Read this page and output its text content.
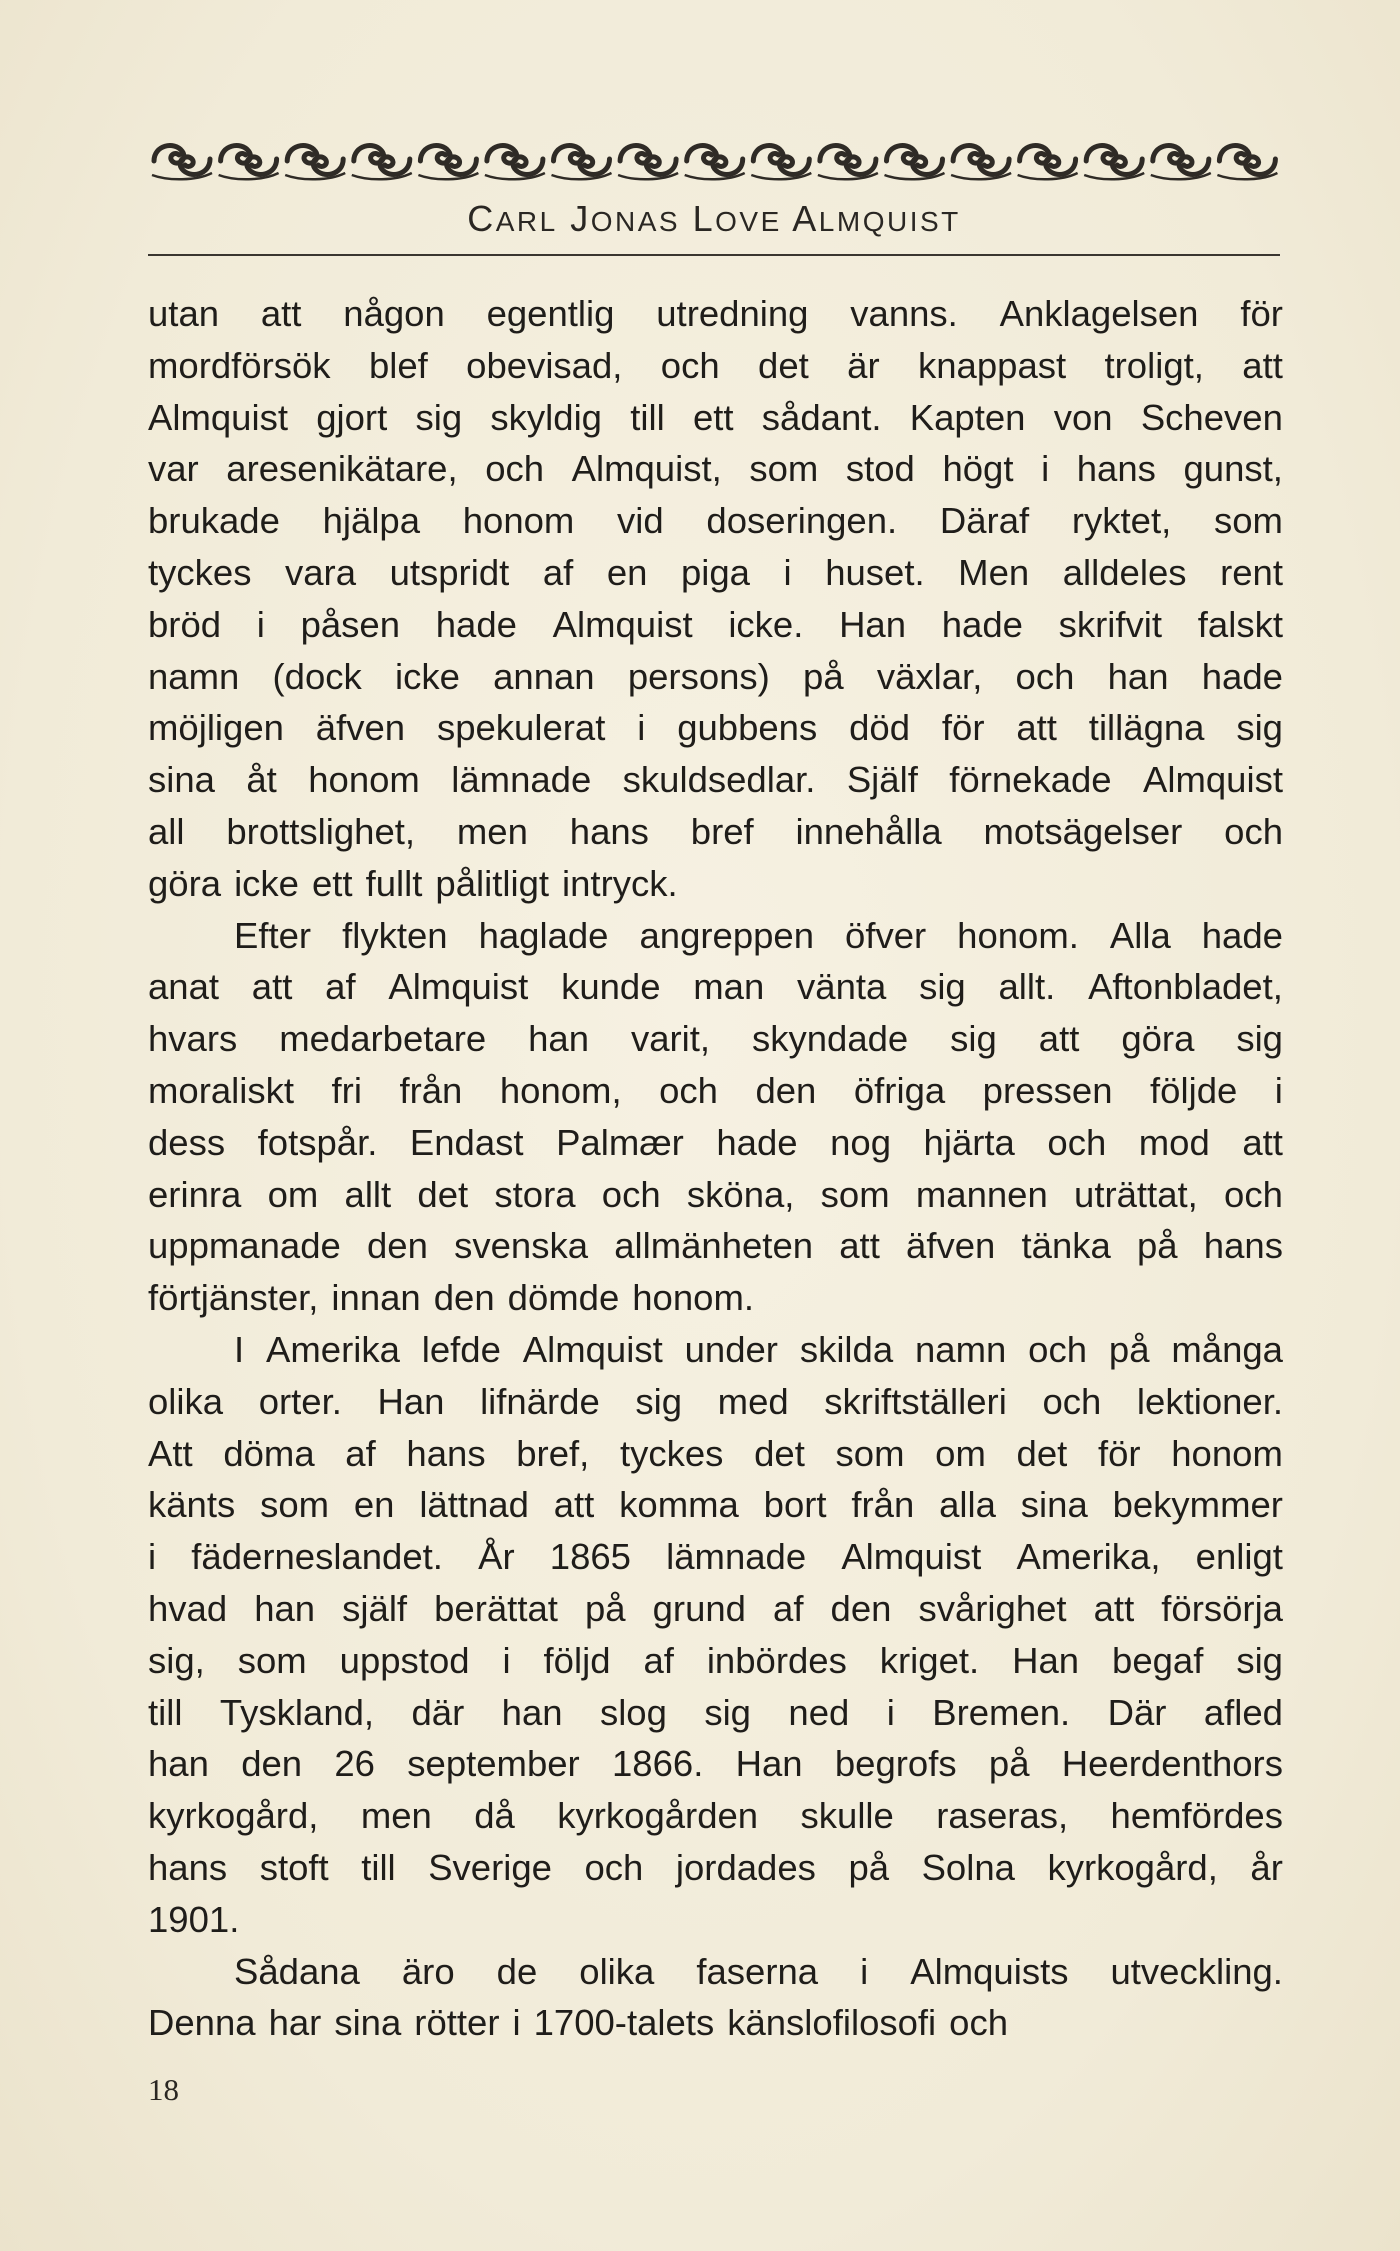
CARL JONAS LOVE ALMQUIST
utan att någon egentlig utredning vanns. Anklagelsen för
mordförsök blef obevisad, och det är knappast troligt, att
Almquist gjort sig skyldig till ett sådant. Kapten von Scheven
var aresenikätare, och Almquist, som stod högt i hans gunst,
brukade hjälpa honom vid doseringen. Däraf ryktet, som
tyckes vara utspridt af en piga i huset. Men alldeles rent
bröd i påsen hade Almquist icke. Han hade skrifvit falskt
namn (dock icke annan persons) på växlar, och han hade
möjligen äfven spekulerat i gubbens död för att tillägna sig
sina åt honom lämnade skuldsedlar. Själf förnekade Almquist
all brottslighet, men hans bref innehålla motsägelser och
göra icke ett fullt pålitligt intryck.
Efter flykten haglade angreppen öfver honom. Alla hade
anat att af Almquist kunde man vänta sig allt. Aftonbladet,
hvars medarbetare han varit, skyndade sig att göra sig
moraliskt fri från honom, och den öfriga pressen följde i
dess fotspår. Endast Palmær hade nog hjärta och mod att
erinra om allt det stora och sköna, som mannen uträttat, och
uppmanade den svenska allmänheten att äfven tänka på hans
förtjänster, innan den dömde honom.
I Amerika lefde Almquist under skilda namn och på många
olika orter. Han lifnärde sig med skriftställeri och lektioner.
Att döma af hans bref, tyckes det som om det för honom
känts som en lättnad att komma bort från alla sina bekymmer
i fäderneslandet. År 1865 lämnade Almquist Amerika, enligt
hvad han själf berättat på grund af den svårighet att försörja
sig, som uppstod i följd af inbördes kriget. Han begaf sig
till Tyskland, där han slog sig ned i Bremen. Där afled
han den 26 september 1866. Han begrofs på Heerdenthors
kyrkogård, men då kyrkogården skulle raseras, hemfördes
hans stoft till Sverige och jordades på Solna kyrkogård, år
1901.
Sådana äro de olika faserna i Almquists utveckling.
Denna har sina rötter i 1700-talets känslofilosofi och
18
